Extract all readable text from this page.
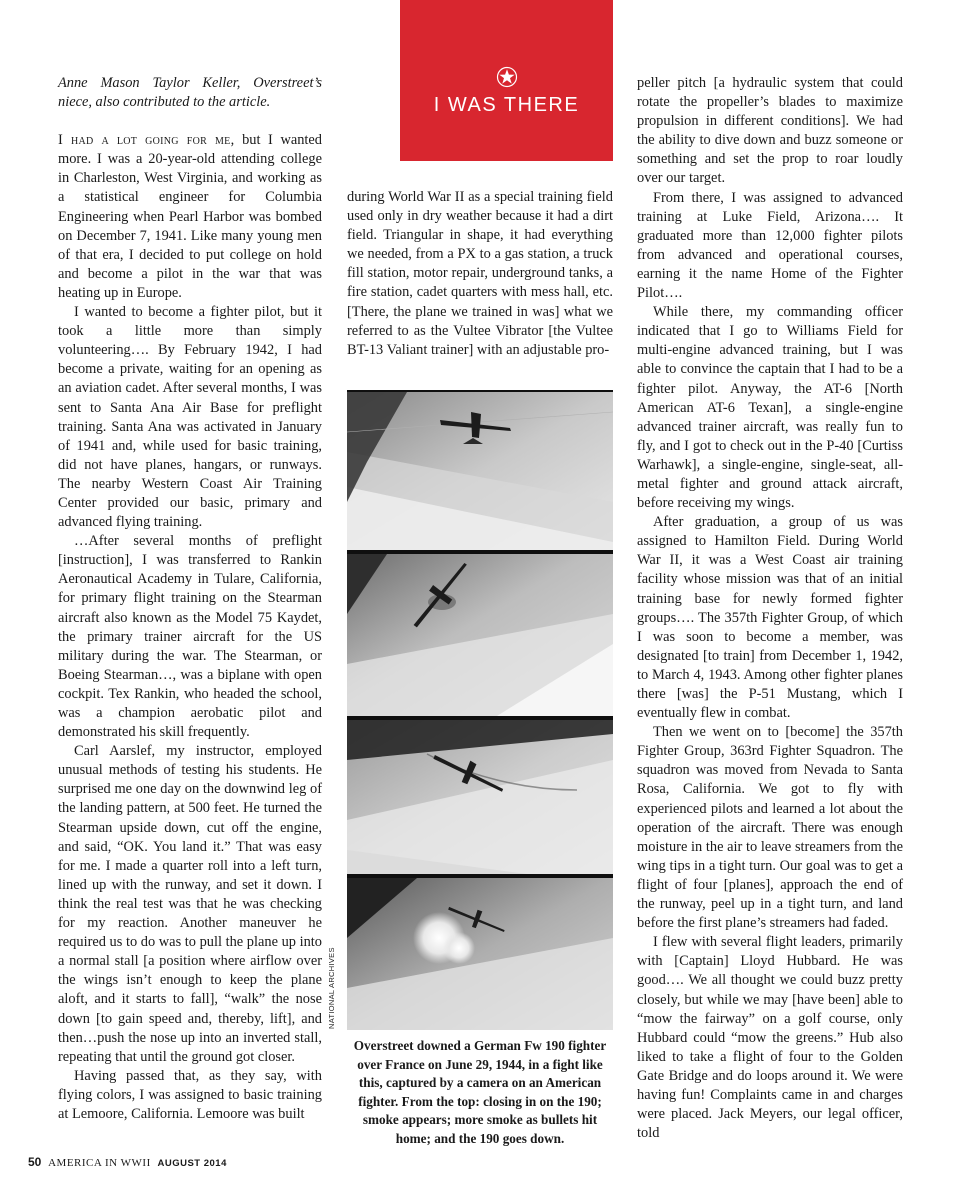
I WAS THERE

Anne Mason Taylor Keller, Overstreet’s niece, also contributed to the article.

I had a lot going for me, but I wanted more. I was a 20-year-old attending college in Charleston, West Virginia, and working as a statistical engineer for Columbia Engineering when Pearl Harbor was bombed on December 7, 1941. Like many young men of that era, I decided to put college on hold and become a pilot in the war that was heating up in Europe.

I wanted to become a fighter pilot, but it took a little more than simply volunteering…. By February 1942, I had become a private, waiting for an opening as an aviation cadet. After several months, I was sent to Santa Ana Air Base for preflight training. Santa Ana was activated in January of 1941 and, while used for basic training, did not have planes, hangars, or runways. The nearby Western Coast Air Training Center provided our basic, primary and advanced flying training.

…After several months of preflight [instruction], I was transferred to Rankin Aeronautical Academy in Tulare, California, for primary flight training on the Stearman aircraft also known as the Model 75 Kaydet, the primary trainer aircraft for the US military during the war. The Stearman, or Boeing Stearman…, was a biplane with open cockpit. Tex Rankin, who headed the school, was a champion aerobatic pilot and demonstrated his skill frequently.

Carl Aarslef, my instructor, employed unusual methods of testing his students. He surprised me one day on the downwind leg of the landing pattern, at 500 feet. He turned the Stearman upside down, cut off the engine, and said, “OK. You land it.” That was easy for me. I made a quarter roll into a left turn, lined up with the runway, and set it down. I think the real test was that he was checking for my reaction. Another maneuver he required us to do was to pull the plane up into a normal stall [a position where airflow over the wings isn’t enough to keep the plane aloft, and it starts to fall], “walk” the nose down [to gain speed and, thereby, lift], and then…push the nose up into an inverted stall, repeating that until the ground got closer.

Having passed that, as they say, with flying colors, I was assigned to basic training at Lemoore, California. Lemoore was built

during World War II as a special training field used only in dry weather because it had a dirt field. Triangular in shape, it had everything we needed, from a PX to a gas station, a truck fill station, motor repair, underground tanks, a fire station, cadet quarters with mess hall, etc. [There, the plane we trained in was] what we referred to as the Vultee Vibrator [the Vultee BT-13 Valiant trainer] with an adjustable pro-

NATIONAL ARCHIVES
Overstreet downed a German Fw 190 fighter over France on June 29, 1944, in a fight like this, captured by a camera on an American fighter. From the top: closing in on the 190; smoke appears; more smoke as bullets hit home; and the 190 goes down.

peller pitch [a hydraulic system that could rotate the propeller’s blades to maximize propulsion in different conditions]. We had the ability to dive down and buzz someone or something and set the prop to roar loudly over our target.

From there, I was assigned to advanced training at Luke Field, Arizona…. It graduated more than 12,000 fighter pilots from advanced and operational courses, earning it the name Home of the Fighter Pilot….

While there, my commanding officer indicated that I go to Williams Field for multi-engine advanced training, but I was able to convince the captain that I had to be a fighter pilot. Anyway, the AT-6 [North American AT-6 Texan], a single-engine advanced trainer aircraft, was really fun to fly, and I got to check out in the P-40 [Curtiss Warhawk], a single-engine, single-seat, all-metal fighter and ground attack aircraft, before receiving my wings.

After graduation, a group of us was assigned to Hamilton Field. During World War II, it was a West Coast air training facility whose mission was that of an initial training base for newly formed fighter groups…. The 357th Fighter Group, of which I was soon to become a member, was designated [to train] from December 1, 1942, to March 4, 1943. Among other fighter planes there [was] the P-51 Mustang, which I eventually flew in combat.

Then we went on to [become] the 357th Fighter Group, 363rd Fighter Squadron. The squadron was moved from Nevada to Santa Rosa, California. We got to fly with experienced pilots and learned a lot about the operation of the aircraft. There was enough moisture in the air to leave streamers from the wing tips in a tight turn. Our goal was to get a flight of four [planes], approach the end of the runway, peel up in a tight turn, and land before the first plane’s streamers had faded.

I flew with several flight leaders, primarily with [Captain] Lloyd Hubbard. He was good…. We all thought we could buzz pretty closely, but while we may [have been] able to “mow the fairway” on a golf course, only Hubbard could “mow the greens.” Hub also liked to take a flight of four to the Golden Gate Bridge and do loops around it. We were having fun! Complaints came in and charges were placed. Jack Meyers, our legal officer, told

50 AMERICA IN WWII AUGUST 2014
